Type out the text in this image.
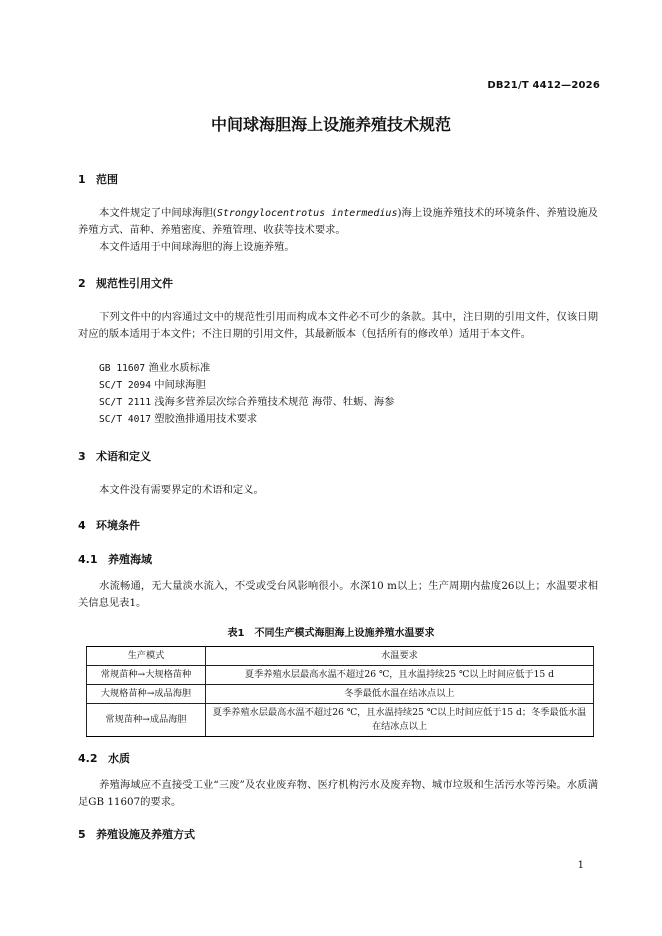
DB21/T 4412—2026
中间球海胆海上设施养殖技术规范
1 范围
本文件规定了中间球海胆(Strongylocentrotus intermedius)海上设施养殖技术的环境条件、养殖设施及养殖方式、苗种、养殖密度、养殖管理、收获等技术要求。
本文件适用于中间球海胆的海上设施养殖。
2 规范性引用文件
下列文件中的内容通过文中的规范性引用而构成本文件必不可少的条款。其中，注日期的引用文件，仅该日期对应的版本适用于本文件；不注日期的引用文件，其最新版本（包括所有的修改单）适用于本文件。
GB 11607 渔业水质标准
SC/T 2094 中间球海胆
SC/T 2111 浅海多营养层次综合养殖技术规范 海带、牡蛎、海参
SC/T 4017 塑胶渔排通用技术要求
3 术语和定义
本文件没有需要界定的术语和定义。
4 环境条件
4.1 养殖海域
水流畅通，无大量淡水流入，不受或受台风影响很小。水深10 m以上；生产周期内盐度26以上；水温要求相关信息见表1。
表1　不同生产模式海胆海上设施养殖水温要求
生产模式	水温要求
常规苗种→大规格苗种	夏季养殖水层最高水温不超过26 ℃，且水温持续25 ℃以上时间应低于15 d
大规格苗种→成品海胆	冬季最低水温在结冰点以上
常规苗种→成品海胆	夏季养殖水层最高水温不超过26 ℃，且水温持续25 ℃以上时间应低于15 d；冬季最低水温在结冰点以上
4.2 水质
养殖海域应不直接受工业“三废”及农业废弃物、医疗机构污水及废弃物、城市垃圾和生活污水等污染。水质满足GB 11607的要求。
5 养殖设施及养殖方式
1
